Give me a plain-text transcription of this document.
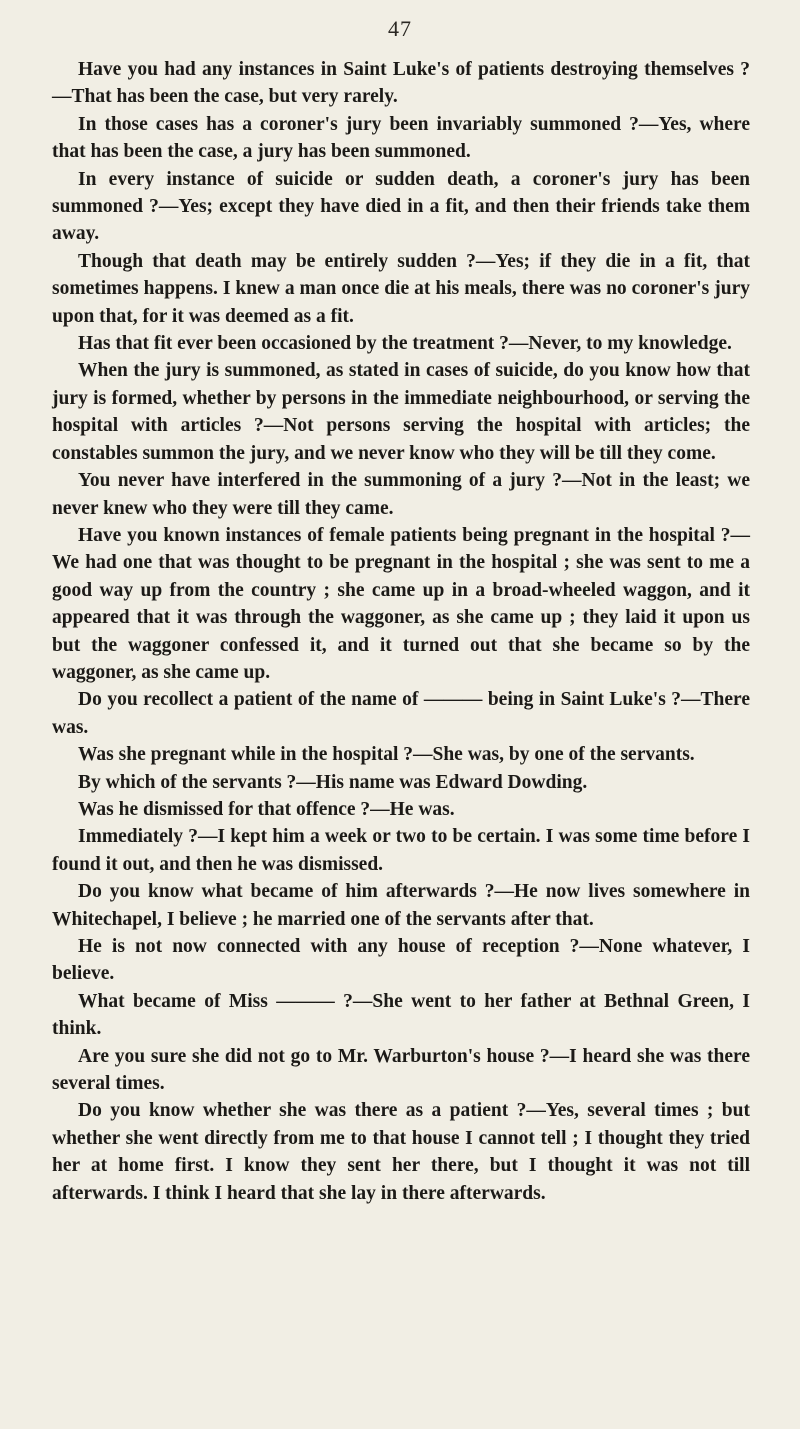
47

Have you had any instances in Saint Luke's of patients destroying themselves ?—That has been the case, but very rarely.

In those cases has a coroner's jury been invariably summoned ?—Yes, where that has been the case, a jury has been summoned.

In every instance of suicide or sudden death, a coroner's jury has been summoned ?—Yes; except they have died in a fit, and then their friends take them away.

Though that death may be entirely sudden ?—Yes; if they die in a fit, that sometimes happens. I knew a man once die at his meals, there was no coroner's jury upon that, for it was deemed as a fit.

Has that fit ever been occasioned by the treatment ?—Never, to my knowledge.

When the jury is summoned, as stated in cases of suicide, do you know how that jury is formed, whether by persons in the immediate neighbourhood, or serving the hospital with articles ?—Not persons serving the hospital with articles; the constables summon the jury, and we never know who they will be till they come.

You never have interfered in the summoning of a jury ?—Not in the least; we never knew who they were till they came.

Have you known instances of female patients being pregnant in the hospital ?—We had one that was thought to be pregnant in the hospital ; she was sent to me a good way up from the country ; she came up in a broad-wheeled waggon, and it appeared that it was through the waggoner, as she came up ; they laid it upon us but the waggoner confessed it, and it turned out that she became so by the waggoner, as she came up.

Do you recollect a patient of the name of ——— being in Saint Luke's ?—There was.

Was she pregnant while in the hospital ?—She was, by one of the servants.

By which of the servants ?—His name was Edward Dowding.

Was he dismissed for that offence ?—He was.

Immediately ?—I kept him a week or two to be certain. I was some time before I found it out, and then he was dismissed.

Do you know what became of him afterwards ?—He now lives somewhere in Whitechapel, I believe ; he married one of the servants after that.

He is not now connected with any house of reception ?—None whatever, I believe.

What became of Miss ——— ?—She went to her father at Bethnal Green, I think.

Are you sure she did not go to Mr. Warburton's house ?—I heard she was there several times.

Do you know whether she was there as a patient ?—Yes, several times ; but whether she went directly from me to that house I cannot tell ; I thought they tried her at home first. I know they sent her there, but I thought it was not till afterwards. I think I heard that she lay in there afterwards.
